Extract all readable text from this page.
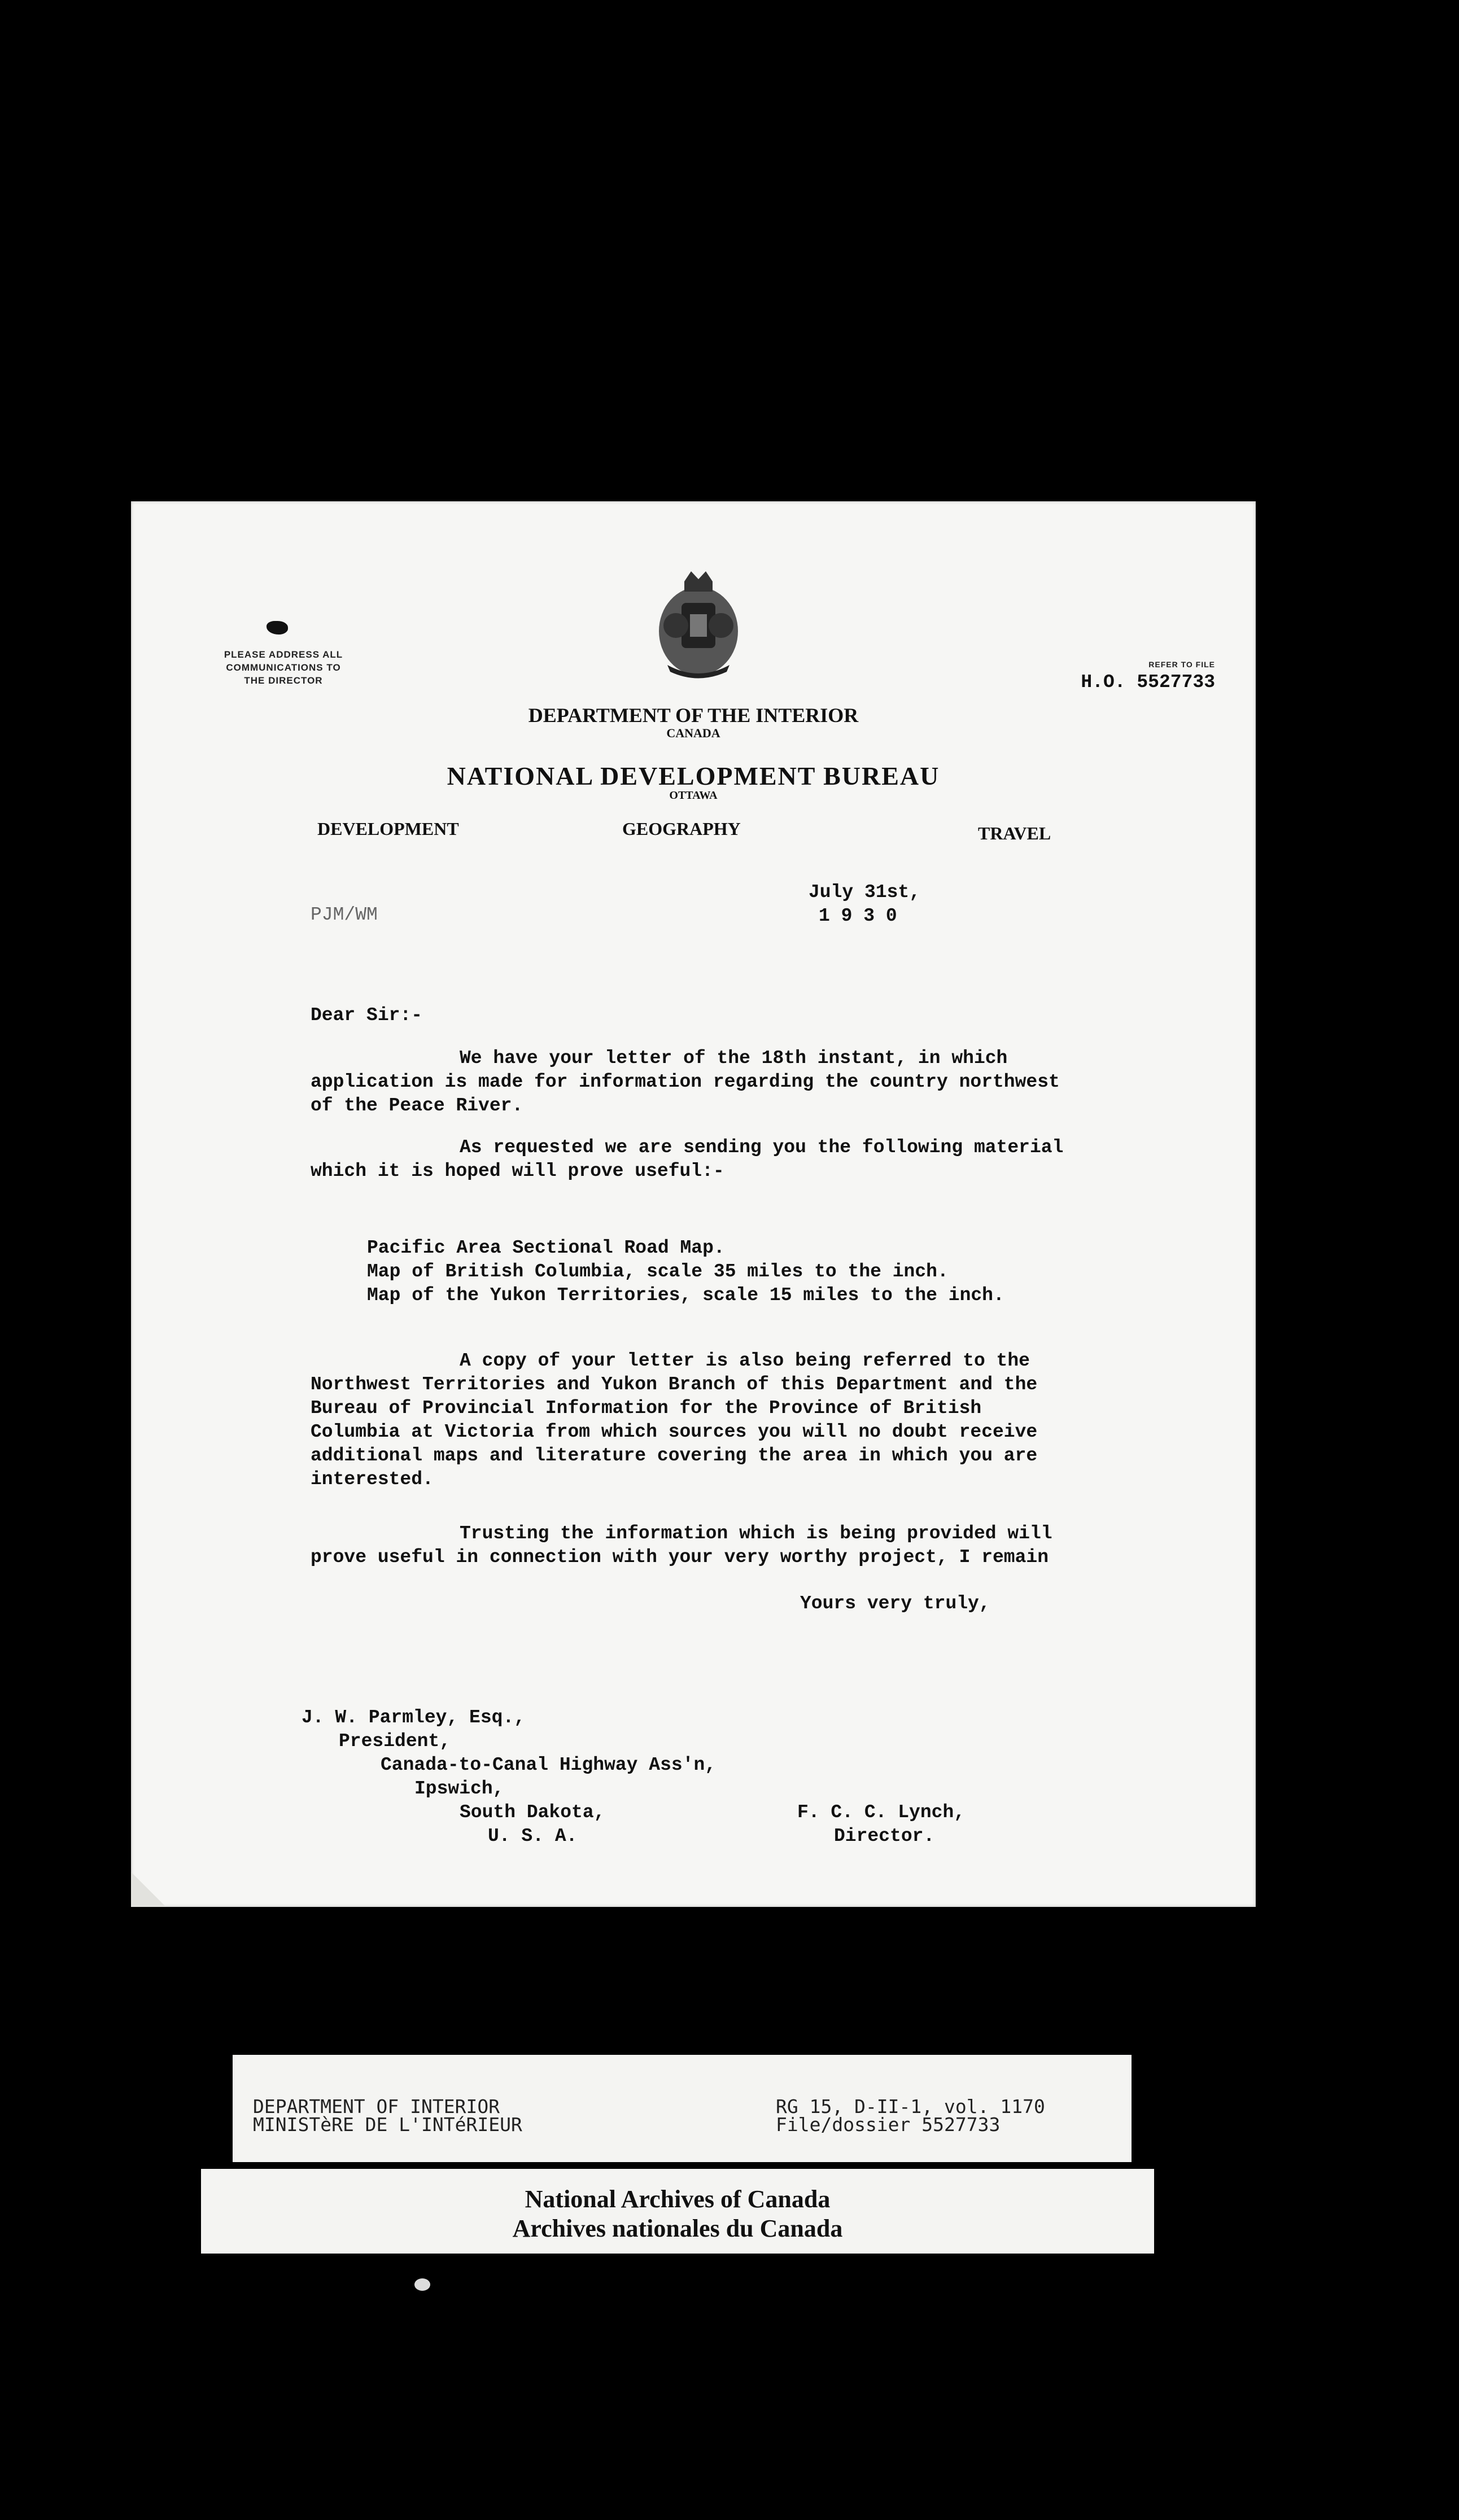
PLEASE ADDRESS ALL
COMMUNICATIONS TO
THE DIRECTOR
REFER TO FILE
H.O. 5527733
DEPARTMENT OF THE INTERIOR
CANADA
NATIONAL DEVELOPMENT BUREAU
OTTAWA
DEVELOPMENT	GEOGRAPHY	TRAVEL
July 31st,
1 9 3 0
PJM/WM
Dear Sir:-
We have your letter of the 18th instant, in which
application is made for information regarding the country northwest
of the Peace River.
As requested we are sending you the following material
which it is hoped will prove useful:-
Pacific Area Sectional Road Map.
Map of British Columbia, scale 35 miles to the inch.
Map of the Yukon Territories, scale 15 miles to the inch.
A copy of your letter is also being referred to the
Northwest Territories and Yukon Branch of this Department and the
Bureau of Provincial Information for the Province of British
Columbia at Victoria from which sources you will no doubt receive
additional maps and literature covering the area in which you are
interested.
Trusting the information which is being provided will
prove useful in connection with your very worthy project, I remain
Yours very truly,
J. W. Parmley, Esq.,
President,
Canada-to-Canal Highway Ass'n,
Ipswich,
South Dakota,
U. S. A.
F. C. C. Lynch,
Director.
DEPARTMENT OF INTERIOR
MINISTèRE DE L'INTéRIEUR
RG 15, D-II-1, vol. 1170
File/dossier 5527733
National Archives of Canada
Archives nationales du Canada
